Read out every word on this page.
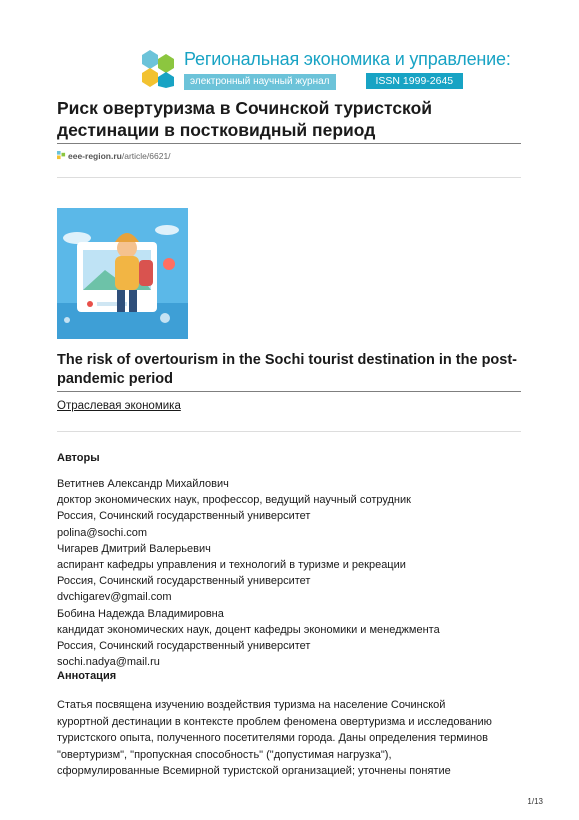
Региональная экономика и управление:
электронный научный журнал	ISSN 1999-2645
Риск овертуризма в Сочинской туристской дестинации в постковидный период
eee-region.ru/article/6621/
The risk of overtourism in the Sochi tourist destination in the post-pandemic period
Отраслевая экономика
Авторы
Ветитнев Александр Михайлович
доктор экономических наук, профессор, ведущий научный сотрудник
Россия, Сочинский государственный университет
polina@sochi.com
Чигарев Дмитрий Валерьевич
аспирант кафедры управления и технологий в туризме и рекреации
Россия, Сочинский государственный университет
dvchigarev@gmail.com
Бобина Надежда Владимировна
кандидат экономических наук, доцент кафедры экономики и менеджмента
Россия, Сочинский государственный университет
sochi.nadya@mail.ru
Аннотация
Статья посвящена изучению воздействия туризма на население Сочинской
курортной дестинации в контексте проблем феномена овертуризма и исследованию
туристского опыта, полученного посетителями города. Даны определения терминов
"овертуризм", "пропускная способность" ("допустимая нагрузка"),
сформулированные Всемирной туристской организацией; уточнены понятие
1/13
